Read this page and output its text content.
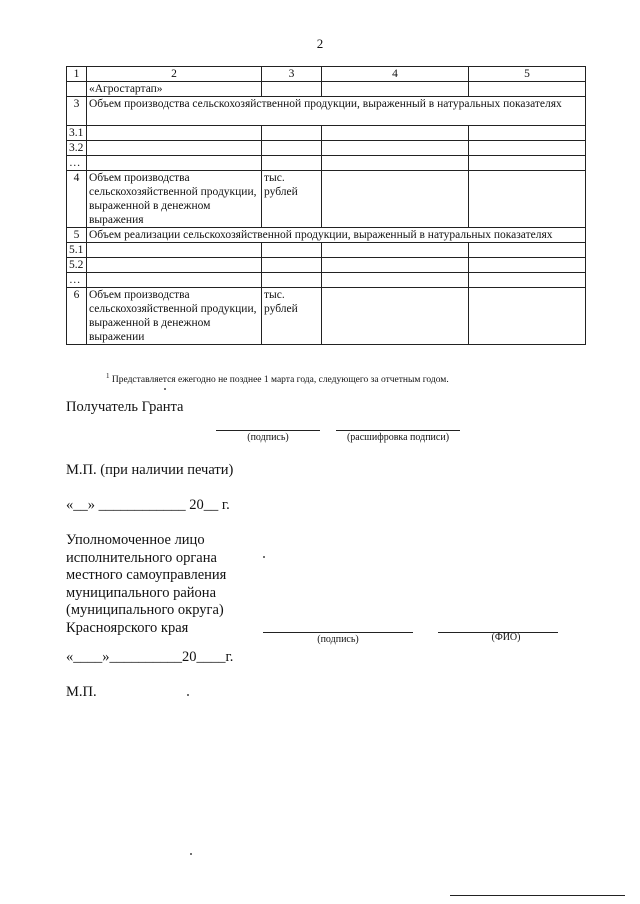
2
1	2	3	4	5
	«Агростартап»			
3	Объем производства сельскохозяйственной продукции, выраженный в натуральных показателях			
3.1				
3.2				
…				
4	Объем производства сельскохозяйственной продукции, выраженной в денежном выражения	тыс. рублей		
5	Объем реализации сельскохозяйственной продукции, выраженный в натуральных показателях			
5.1				
5.2				
…				
6	Объем производства сельскохозяйственной продукции, выраженной в денежном выражении	тыс. рублей		
$^1$ Представляется ежегодно не позднее 1 марта года, следующего за отчетным годом.
Получатель Гранта
(подпись)	(расшифровка подписи)
М.П. (при наличии печати)
«__» ____________ 20__ г.
Уполномоченное лицо
исполнительного органа
местного самоуправления
муниципального района
(муниципального округа)
Красноярского края
(подпись)	(ФИО)
«____»__________20____г.
М.П.
